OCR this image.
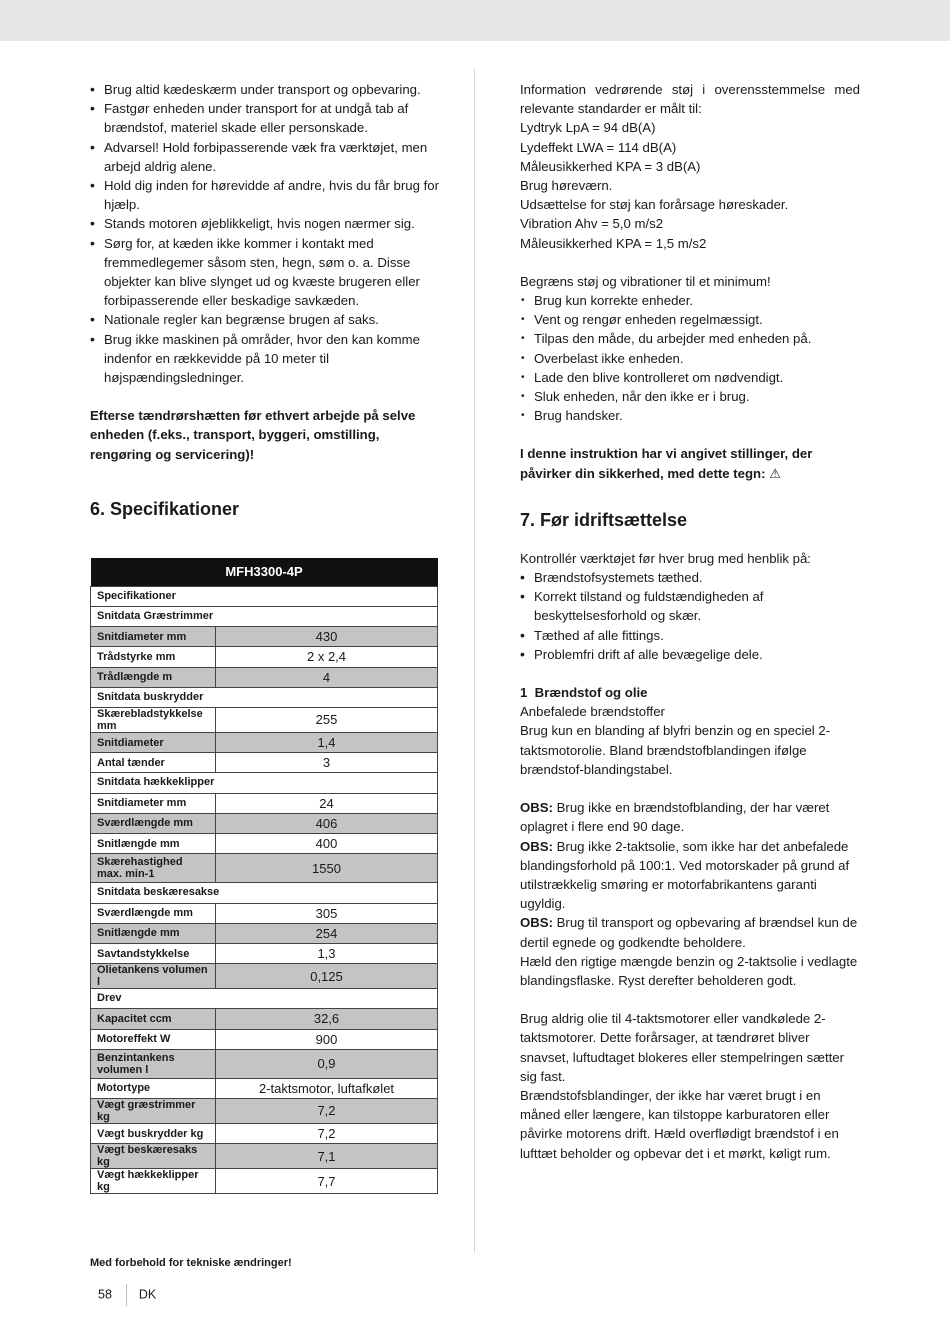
• Brug altid kædeskærm under transport og opbevaring.
• Fastgør enheden under transport for at undgå tab af brændstof, materiel skade eller personskade.
• Advarsel! Hold forbipasserende væk fra værktøjet, men arbejd aldrig alene.
• Hold dig inden for hørevidde af andre, hvis du får brug for hjælp.
• Stands motoren øjeblikkeligt, hvis nogen nærmer sig.
• Sørg for, at kæden ikke kommer i kontakt med fremmedlegemer såsom sten, hegn, søm o. a. Disse objekter kan blive slynget ud og kvæste brugeren eller forbipasserende eller beskadige savkæden.
• Nationale regler kan begrænse brugen af saks.
• Brug ikke maskinen på områder, hvor den kan komme indenfor en rækkevidde på 10 meter til højspændingsledninger.

Efterse tændrørshætten før ethvert arbejde på selve enheden (f.eks., transport, byggeri, omstilling, rengøring og servicering)!

6. Specifikationer
MFH3300-4P	
Specifikationer	
Snitdata Græstrimmer	
Snitdiameter mm	430
Trådstyrke mm	2 x 2,4
Trådlængde m	4
Snitdata buskrydder	
Skærebladstykkelse mm	255
Snitdiameter	1,4
Antal tænder	3
Snitdata hækkeklipper	
Snitdiameter mm	24
Sværdlængde mm	406
Snitlængde mm	400
Skærehastighed max. min-1	1550
Snitdata beskæresakse	
Sværdlængde mm	305
Snitlængde mm	254
Savtandstykkelse	1,3
Olietankens volumen l	0,125
Drev	
Kapacitet ccm	32,6
Motoreffekt W	900
Benzintankens volumen l	0,9
Motortype	2-taktsmotor, luftafkølet
Vægt græstrimmer kg	7,2
Vægt buskrydder kg	7,2
Vægt beskæresaks kg	7,1
Vægt hækkeklipper kg	7,7
Med forbehold for tekniske ændringer!
58 DK

Information vedrørende støj i overensstemmelse med relevante standarder er målt til:

Lydtryk LpA = 94 dB(A)

Lydeffekt LWA = 114 dB(A)

Måleusikkerhed KPA = 3 dB(A)

Brug høreværn.

Udsættelse for støj kan forårsage høreskader.

Vibration Ahv = 5,0 m/s2

Måleusikkerhed KPA = 1,5 m/s2

Begræns støj og vibrationer til et minimum!

• Brug kun korrekte enheder.
• Vent og rengør enheden regelmæssigt.
• Tilpas den måde, du arbejder med enheden på.
• Overbelast ikke enheden.
• Lade den blive kontrolleret om nødvendigt.
• Sluk enheden, når den ikke er i brug.
• Brug handsker.

I denne instruktion har vi angivet stillinger, der påvirker din sikkerhed, med dette tegn: ⚠

7. Før idriftsættelse

Kontrollér værktøjet før hver brug med henblik på:

• Brændstofsystemets tæthed.
• Korrekt tilstand og fuldstændigheden af beskyttelsesforhold og skær.
• Tæthed af alle fittings.
• Problemfri drift af alle bevægelige dele.

1 Brændstof og olie

Anbefalede brændstoffer

Brug kun en blanding af blyfri benzin og en speciel 2-taktsmotorolie. Bland brændstofblandingen ifølge brændstof-blandingstabel.

OBS: Brug ikke en brændstofblanding, der har været oplagret i flere end 90 dage.

OBS: Brug ikke 2-taktsolie, som ikke har det anbefalede blandingsforhold på 100:1. Ved motorskader på grund af utilstrækkelig smøring er motorfabrikantens garanti ugyldig.

OBS: Brug til transport og opbevaring af brændsel kun de dertil egnede og godkendte beholdere.

Hæld den rigtige mængde benzin og 2-taktsolie i vedlagte blandingsflaske. Ryst derefter beholderen godt.

Brug aldrig olie til 4-taktsmotorer eller vandkølede 2-taktsmotorer. Dette forårsager, at tændrøret bliver snavset, luftudtaget blokeres eller stempelringen sætter sig fast.

Brændstofsblandinger, der ikke har været brugt i en måned eller længere, kan tilstoppe karburatoren eller påvirke motorens drift. Hæld overflødigt brændstof i en lufttæt beholder og opbevar det i et mørkt, køligt rum.
